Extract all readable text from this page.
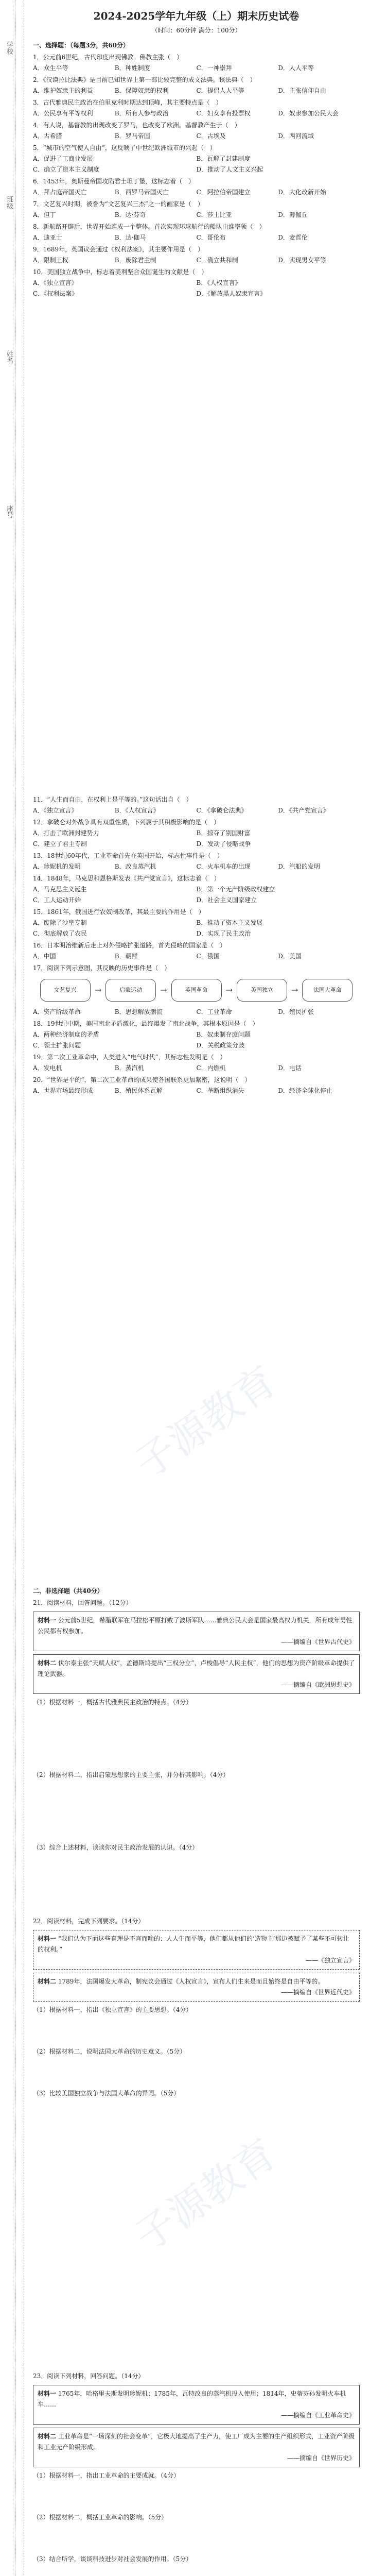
学校
班级
姓名
座号
2024-2025学年九年级（上）期末历史试卷
（时间：60分钟 满分：100分）
一、选择题：（每题3分，共60分）
1．公元前6世纪，古代印度出现佛教。佛教主张（　）
A．众生平等	B．种姓制度	C．一神崇拜	D．人人平等
2．《汉谟拉比法典》是目前已知世界上第一部比较完整的成文法典。该法典（　）
A．维护奴隶主的利益	B．保障奴隶的权利	C．提倡人人平等	D．主张信仰自由
3．古代雅典民主政治在伯里克利时期达到顶峰，其主要特点是（　）
A．公民享有平等权利	B．所有人参与政治	C．妇女享有投票权	D．奴隶参加公民大会
4．有人说，基督教的出现改变了罗马，也改变了欧洲。基督教产生于（　）
A．古希腊	B．罗马帝国	C．古埃及	D．两河流域
5．“城市的空气使人自由”，这反映了中世纪欧洲城市的兴起（　）
A．促进了工商业发展	B．瓦解了封建制度
C．确立了资本主义制度	D．推动了人文主义兴起
6．1453年，奥斯曼帝国攻陷君士坦丁堡，这标志着（　）
A．拜占庭帝国灭亡	B．西罗马帝国灭亡	C．阿拉伯帝国建立	D．大化改新开始
7．文艺复兴时期，被誉为“文艺复兴三杰”之一的画家是（　）
A．但丁	B．达·芬奇	C．莎士比亚	D．薄伽丘
8．新航路开辟后，世界开始连成一个整体。首次实现环球航行的船队由谁率领（　）
A．迪亚士	B．达·伽马	C．哥伦布	D．麦哲伦
9．1689年，英国议会通过《权利法案》，其主要作用是（　）
A．限制王权	B．废除君主制	C．确立共和制	D．实现男女平等
10．美国独立战争中，标志着美利坚合众国诞生的文献是（　）
A．《独立宣言》	B．《人权宣言》
C．《权利法案》	D．《解放黑人奴隶宣言》
11．“人生而自由，在权利上是平等的。”这句话出自（　）
A．《独立宣言》	B．《人权宣言》	C．《拿破仑法典》	D．《共产党宣言》
12．拿破仑对外战争具有双重性质，下列属于其积极影响的是（　）
A．打击了欧洲封建势力	B．掠夺了别国财富
C．建立了君主专制	D．发动了侵略战争
13．18世纪60年代，工业革命首先在英国开始，标志性事件是（　）
A．珍妮机的发明	B．改良蒸汽机	C．火车机车的出现	D．汽船的发明
14．1848年，马克思和恩格斯发表《共产党宣言》，这标志着（　）
A．马克思主义诞生	B．第一个无产阶级政权建立
C．工人运动开始	D．社会主义国家建立
15．1861年，俄国进行农奴制改革，其最主要的作用是（　）
A．废除了沙皇专制	B．推动了资本主义发展
C．彻底解放了农民	D．实现了民主政治
16．日本明治维新后走上对外侵略扩张道路，首先侵略的国家是（　）
A．中国	B．朝鲜	C．俄国	D．美国
17．阅读下列示意图，其反映的历史事件是（　）
文艺复兴	→	启蒙运动	→	英国革命	→	美国独立	→	法国大革命
A．资产阶级革命	B．思想解放潮流	C．工业革命	D．殖民扩张
18．19世纪中期，美国南北矛盾激化，最终爆发了南北战争，其根本原因是（　）
A．两种经济制度的矛盾	B．奴隶制存废问题
C．领土扩张问题	D．关税政策分歧
19．第二次工业革命中，人类进入“电气时代”，其标志性发明是（　）
A．发电机	B．蒸汽机	C．内燃机	D．电话
20．“世界是平的”，第二次工业革命的成果使各国联系更加紧密，这说明（　）
A．世界市场最终形成	B．殖民体系瓦解	C．垄断组织消失	D．经济全球化停止
二、非选择题（共40分）
21．阅读材料，回答问题。（12分）
材料一 公元前5世纪，希腊联军在马拉松平原打败了波斯军队……雅典公民大会是国家最高权力机关，所有成年男性公民都有权参加。
——摘编自《世界古代史》
材料二 伏尔泰主张“天赋人权”，孟德斯鸠提出“三权分立”，卢梭倡导“人民主权”，他们的思想为资产阶级革命提供了理论武器。
——摘编自《欧洲思想史》
（1）根据材料一，概括古代雅典民主政治的特点。（4分）
（2）根据材料二，指出启蒙思想家的主要主张，并分析其影响。（4分）
（3）综合上述材料，谈谈你对民主政治发展的认识。（4分）
22．阅读材料，完成下列要求。（14分）
材料一 “我们认为下面这些真理是不言而喻的：人人生而平等，他们都从他们的‘造物主’那边被赋予了某些不可转让的权利。”
——《独立宣言》
材料二 1789年，法国爆发大革命，制宪议会通过《人权宣言》，宣布人们生来是而且始终是自由平等的。
——摘编自《世界近代史》
（1）根据材料一，指出《独立宣言》的主要思想。（4分）
（2）根据材料二，说明法国大革命的历史意义。（5分）
（3）比较美国独立战争与法国大革命的异同。（5分）
23．阅读下列材料，回答问题。（14分）
材料一 1765年，哈格里夫斯发明珍妮机；1785年，瓦特改良的蒸汽机投入使用；1814年，史蒂芬孙发明火车机车……
——摘编自《工业革命史》
材料二 工业革命是“一场深刻的社会变革”，它极大地提高了生产力，使工厂成为主要的生产组织形式，工业资产阶级和工业无产阶级形成。
——摘编自《世界历史》
（1）根据材料一，指出工业革命的主要成就。（4分）
（2）根据材料二，概括工业革命的影响。（5分）
（3）结合所学，谈谈科技进步对社会发展的作用。（5分）
